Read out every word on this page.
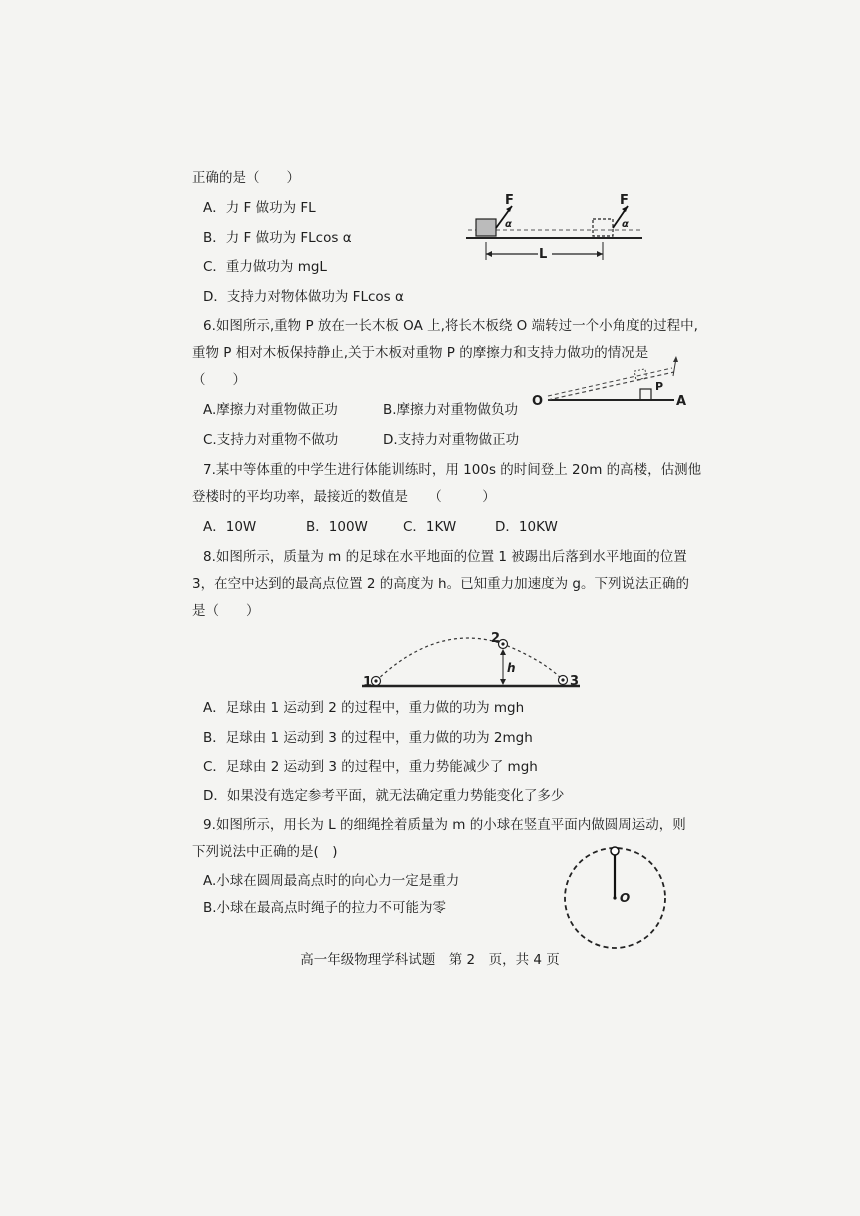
正确的是（　　）
A．力 F 做功为 FL
B．力 F 做功为 FLcos α
C．重力做功为 mgL
D．支持力对物体做功为 FLcos α
F	F
α	α
L
6.如图所示,重物 P 放在一长木板 OA 上,将长木板绕 O 端转过一个小角度的过程中,
重物 P 相对木板保持静止,关于木板对重物 P 的摩擦力和支持力做功的情况是
（　　）
A.摩擦力对重物做正功	B.摩擦力对重物做负功
C.支持力对重物不做功	D.支持力对重物做正功
O	A
P
7.某中等体重的中学生进行体能训练时，用 100s 的时间登上 20m 的高楼，估测他
登楼时的平均功率，最接近的数值是　　（　　　）
A．10W	B．100W	C．1KW	D．10KW
8.如图所示，质量为 m 的足球在水平地面的位置 1 被踢出后落到水平地面的位置
3，在空中达到的最高点位置 2 的高度为 h。已知重力加速度为 g。下列说法正确的
是（　　）
1
2
3
h
A．足球由 1 运动到 2 的过程中，重力做的功为 mgh
B．足球由 1 运动到 3 的过程中，重力做的功为 2mgh
C．足球由 2 运动到 3 的过程中，重力势能减少了 mgh
D．如果没有选定参考平面，就无法确定重力势能变化了多少
9.如图所示，用长为 L 的细绳拴着质量为 m 的小球在竖直平面内做圆周运动，则
下列说法中正确的是(　)
A.小球在圆周最高点时的向心力一定是重力
B.小球在最高点时绳子的拉力不可能为零
O
高一年级物理学科试题　第 2　页，共 4 页
